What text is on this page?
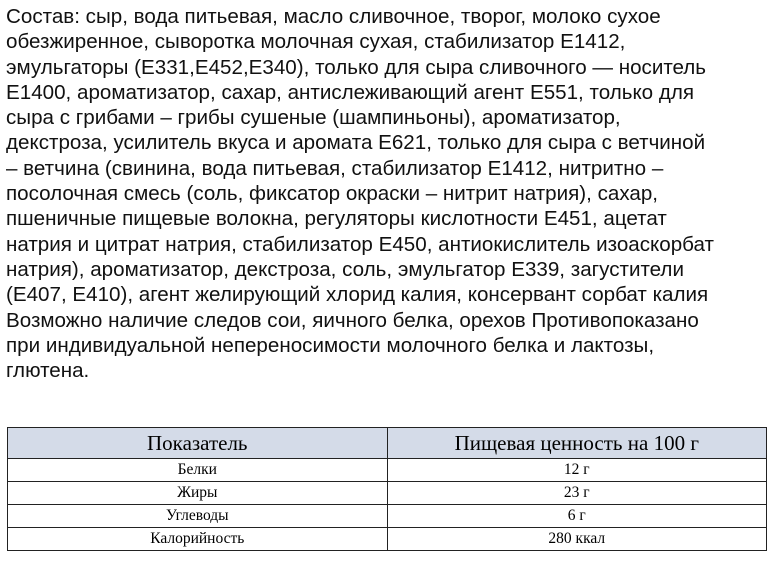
Состав: сыр, вода питьевая, масло сливочное, творог, молоко сухое
обезжиренное, сыворотка молочная сухая, стабилизатор Е1412,
эмульгаторы (Е331,Е452,Е340), только для сыра сливочного — носитель
Е1400, ароматизатор, сахар, антислеживающий агент Е551, только для
сыра с грибами – грибы сушеные (шампиньоны), ароматизатор,
декстроза, усилитель вкуса и аромата Е621, только для сыра с ветчиной
– ветчина (свинина, вода питьевая, стабилизатор Е1412, нитритно –
посолочная смесь (соль, фиксатор окраски – нитрит натрия), сахар,
пшеничные пищевые волокна, регуляторы кислотности Е451, ацетат
натрия и цитрат натрия, стабилизатор Е450, антиокислитель изоаскорбат
натрия), ароматизатор, декстроза, соль, эмульгатор Е339, загустители
(Е407, Е410), агент желирующий хлорид калия, консервант сорбат калия
Возможно наличие следов сои, яичного белка, орехов Противопоказано
при индивидуальной непереносимости молочного белка и лактозы,
глютена.

Показатель	Пищевая ценность на 100 г
Белки	12 г
Жиры	23 г
Углеводы	6 г
Калорийность	280 ккал
